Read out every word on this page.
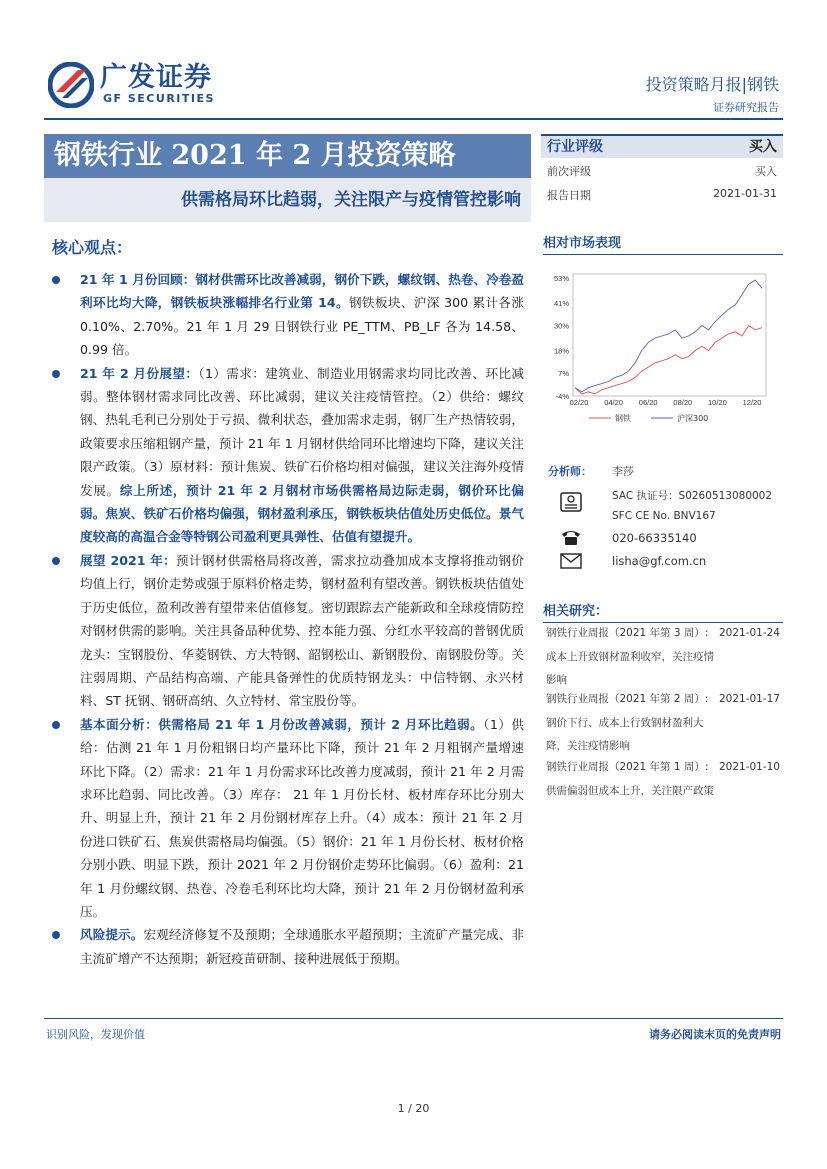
广发证券
GF SECURITIES
投资策略月报|钢铁
证券研究报告
钢铁行业 2021 年 2 月投资策略
供需格局环比趋弱，关注限产与疫情管控影响
行业评级	买入
前次评级	买入
报告日期	2021-01-31
核心观点：
21 年 1 月份回顾：钢材供需环比改善减弱，钢价下跌，螺纹钢、热卷、冷卷盈利环比均大降，钢铁板块涨幅排名行业第 14。钢铁板块、沪深 300 累计各涨 0.10%、2.70%。21 年 1 月 29 日钢铁行业 PE_TTM、PB_LF 各为 14.58、0.99 倍。
21 年 2 月份展望：（1）需求：建筑业、制造业用钢需求均同比改善、环比减弱。整体钢材需求同比改善、环比减弱，建议关注疫情管控。（2）供给：螺纹钢、热轧毛利已分别处于亏损、微利状态，叠加需求走弱，钢厂生产热情较弱，政策要求压缩粗钢产量，预计 21 年 1 月钢材供给同环比增速均下降，建议关注限产政策。（3）原材料：预计焦炭、铁矿石价格均相对偏强，建议关注海外疫情发展。综上所述，预计 21 年 2 月钢材市场供需格局边际走弱，钢价环比偏弱。焦炭、铁矿石价格均偏强，钢材盈利承压，钢铁板块估值处历史低位。景气度较高的高温合金等特钢公司盈利更具弹性、估值有望提升。
展望 2021 年：预计钢材供需格局将改善，需求拉动叠加成本支撑将推动钢价均值上行，钢价走势或强于原料价格走势，钢材盈利有望改善。钢铁板块估值处于历史低位，盈利改善有望带来估值修复。密切跟踪去产能新政和全球疫情防控对钢材供需的影响。关注具备品种优势、控本能力强、分红水平较高的普钢优质龙头：宝钢股份、华菱钢铁、方大特钢、韶钢松山、新钢股份、南钢股份等。关注弱周期、产品结构高端、产能具备弹性的优质特钢龙头：中信特钢、永兴材料、ST 抚钢、钢研高纳、久立特材、常宝股份等。
基本面分析：供需格局 21 年 1 月份改善减弱，预计 2 月环比趋弱。（1）供给：估测 21 年 1 月份粗钢日均产量环比下降，预计 21 年 2 月粗钢产量增速环比下降。（2）需求：21 年 1 月份需求环比改善力度减弱，预计 21 年 2 月需求环比趋弱、同比改善。（3）库存： 21 年 1 月份长材、板材库存环比分别大升、明显上升，预计 21 年 2 月份钢材库存上升。（4）成本：预计 21 年 2 月份进口铁矿石、焦炭供需格局均偏强。（5）钢价：21 年 1 月份长材、板材价格分别小跌、明显下跌，预计 2021 年 2 月份钢价走势环比偏弱。（6）盈利：21 年 1 月份螺纹钢、热卷、冷卷毛利环比均大降，预计 21 年 2 月份钢材盈利承压。
风险提示。宏观经济修复不及预期；全球通胀水平超预期；主流矿产量完成、非主流矿增产不达预期；新冠疫苗研制、接种进展低于预期。
相对市场表现
53%
41%
30%
18%
7%
-4%
02/20 04/20 06/20 08/20 10/20 12/20
钢铁	沪深300
分析师： 李莎
SAC 执证号：S0260513080002
SFC CE No. BNV167
020-66335140
lisha@gf.com.cn
相关研究：
钢铁行业周报（2021 年第 3 周）:成本上升致钢材盈利收窄，关注疫情影响
2021-01-24
钢铁行业周报（2021 年第 2 周）:钢价下行、成本上行致钢材盈利大降，关注疫情影响
2021-01-17
钢铁行业周报（2021 年第 1 周）:供需偏弱但成本上升，关注限产政策
2021-01-10
识别风险，发现价值	请务必阅读末页的免责声明
1 / 20
